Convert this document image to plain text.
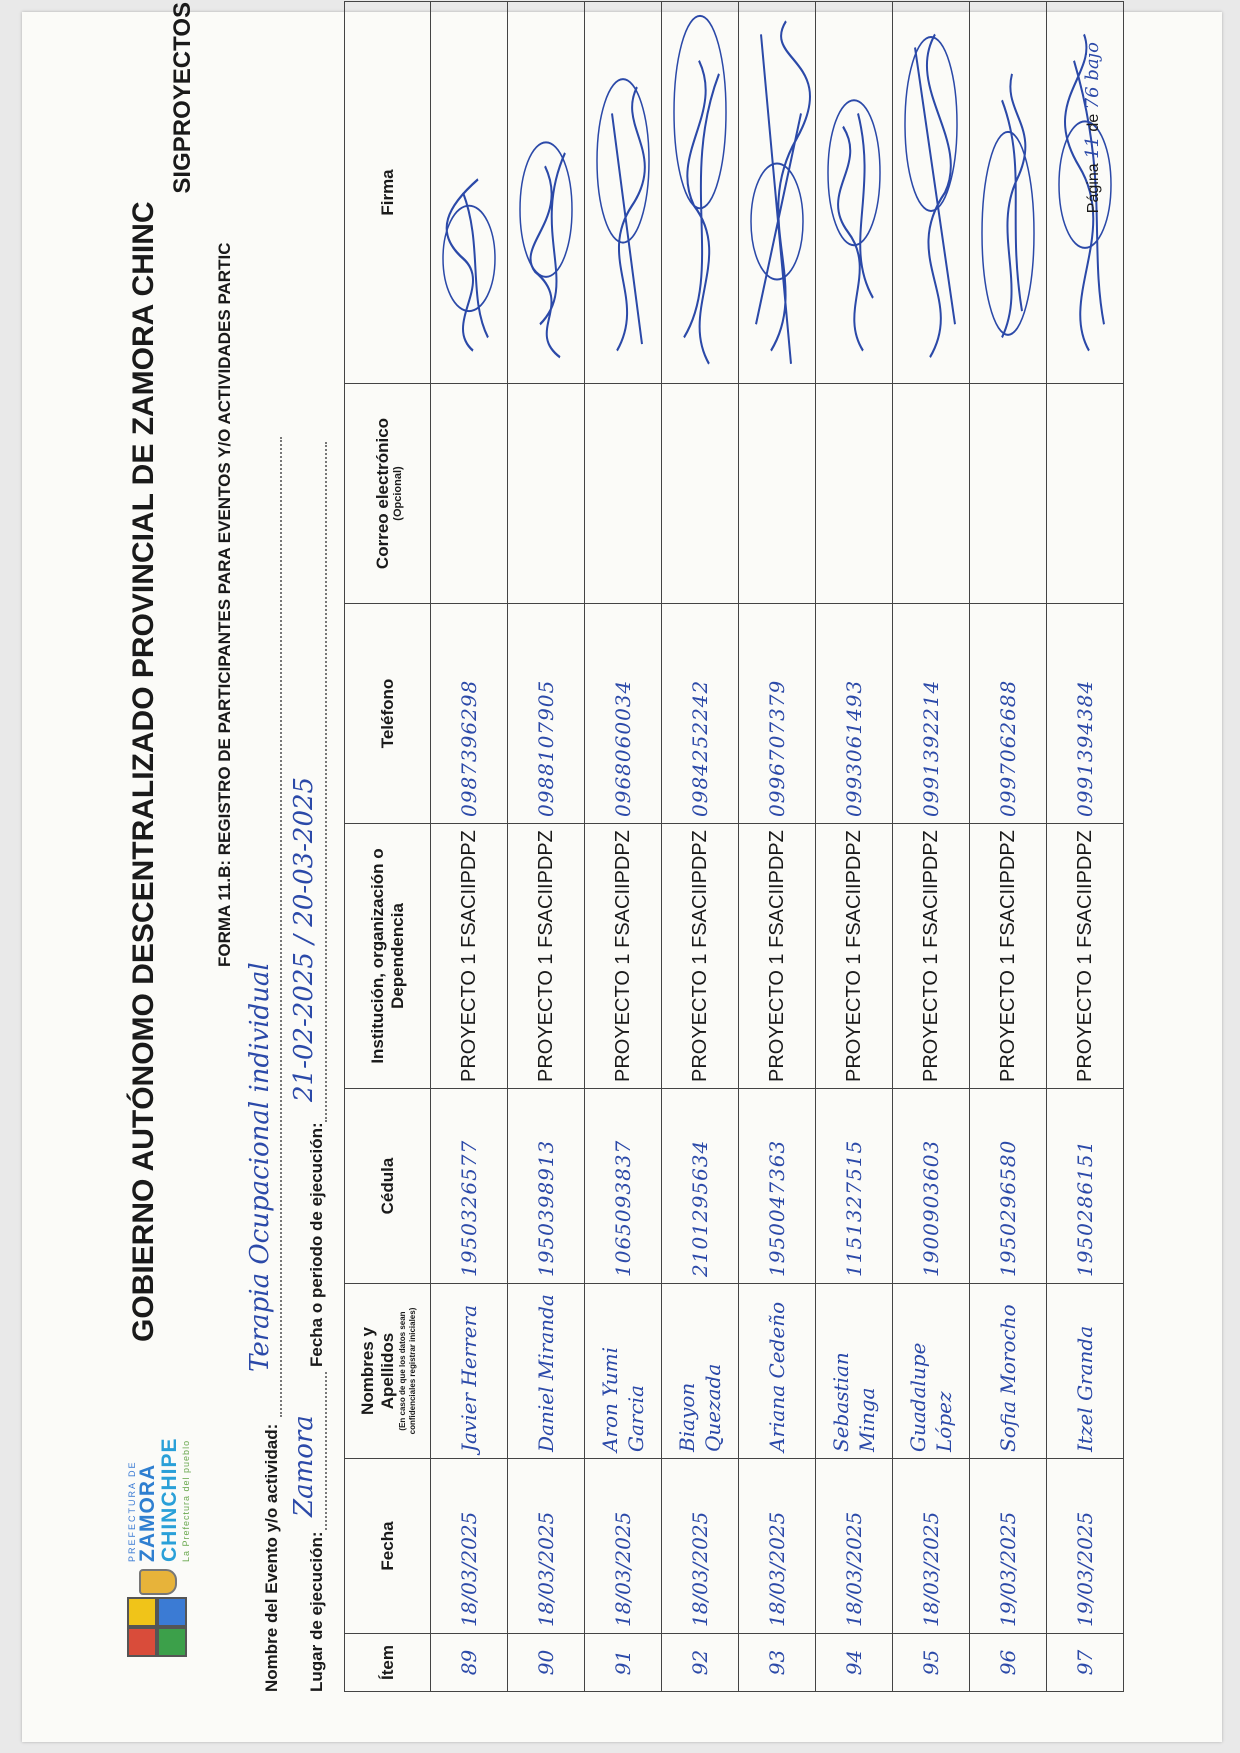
PREFECTURA DE ZAMORA CHINCHIPE La Prefectura del pueblo
GOBIERNO AUTÓNOMO DESCENTRALIZADO PROVINCIAL DE ZAMORA CHINC
SIGPROYECTOS
FORMA 11.B: REGISTRO DE PARTICIPANTES PARA EVENTOS Y/O ACTIVIDADES PARTIC
Nombre del Evento y/o actividad:
Terapia Ocupacional individual
Lugar de ejecución:
Zamora
Fecha o periodo de ejecución:
21-02-2025 / 20-03-2025
Ítem	Fecha	Nombres y Apellidos (En caso de que los datos sean confidenciales registrar iniciales)	Cédula	Institución, organización o Dependencia	Teléfono	Correo electrónico (Opcional)	Firma
89	18/03/2025	Javier Herrera	1950326577	PROYECTO 1 FSACIIPDPZ	0987396298		

90	18/03/2025	Daniel Miranda	1950398913	PROYECTO 1 FSACIIPDPZ	0988107905		

91	18/03/2025	Aron Yumi Garcia	1065093837	PROYECTO 1 FSACIIPDPZ	0968060034		

92	18/03/2025	Biayon Quezada	2101295634	PROYECTO 1 FSACIIPDPZ	0984252242		

93	18/03/2025	Ariana Cedeño	1950047363	PROYECTO 1 FSACIIPDPZ	0996707379		

94	18/03/2025	Sebastian Minga	1151327515	PROYECTO 1 FSACIIPDPZ	0993061493		

95	18/03/2025	Guadalupe López	1900903603	PROYECTO 1 FSACIIPDPZ	0991392214		

96	19/03/2025	Sofia Morocho	1950296580	PROYECTO 1 FSACIIPDPZ	0997062688		

97	19/03/2025	Itzel Granda	1950286151	PROYECTO 1 FSACIIPDPZ	0991394384		
Página 11 de 76 bajo
